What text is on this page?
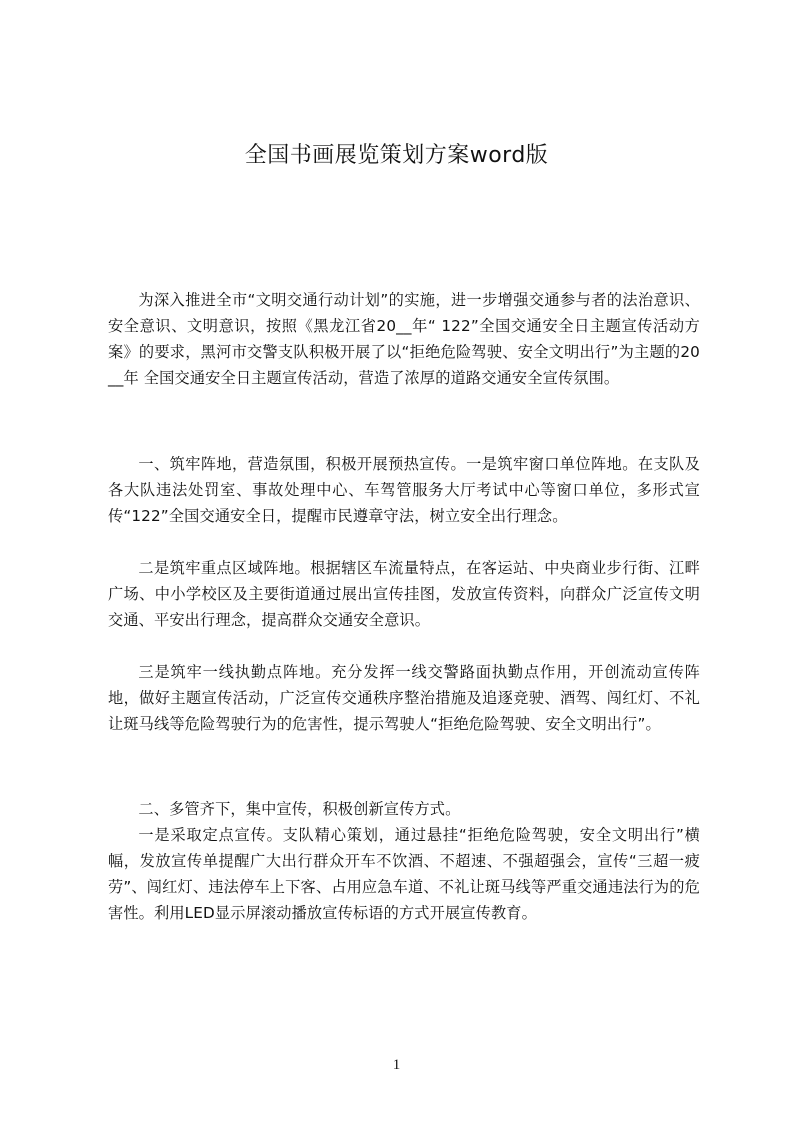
全国书画展览策划方案word版

为深入推进全市“文明交通行动计划”的实施，进一步增强交通参与者的法治意识、安全意识、文明意识，按照《黑龙江省20__年“ 122”全国交通安全日主题宣传活动方案》的要求，黑河市交警支队积极开展了以“拒绝危险驾驶、安全文明出行”为主题的20__年 全国交通安全日主题宣传活动，营造了浓厚的道路交通安全宣传氛围。

一、筑牢阵地，营造氛围，积极开展预热宣传。一是筑牢窗口单位阵地。在支队及各大队违法处罚室、事故处理中心、车驾管服务大厅考试中心等窗口单位，多形式宣传“122”全国交通安全日，提醒市民遵章守法，树立安全出行理念。

二是筑牢重点区域阵地。根据辖区车流量特点，在客运站、中央商业步行街、江畔广场、中小学校区及主要街道通过展出宣传挂图，发放宣传资料，向群众广泛宣传文明交通、平安出行理念，提高群众交通安全意识。

三是筑牢一线执勤点阵地。充分发挥一线交警路面执勤点作用，开创流动宣传阵地，做好主题宣传活动，广泛宣传交通秩序整治措施及追逐竞驶、酒驾、闯红灯、不礼让斑马线等危险驾驶行为的危害性，提示驾驶人“拒绝危险驾驶、安全文明出行”。

二、多管齐下，集中宣传，积极创新宣传方式。

一是采取定点宣传。支队精心策划，通过悬挂“拒绝危险驾驶，安全文明出行”横幅，发放宣传单提醒广大出行群众开车不饮酒、不超速、不强超强会，宣传“三超一疲劳”、闯红灯、违法停车上下客、占用应急车道、不礼让斑马线等严重交通违法行为的危害性。利用LED显示屏滚动播放宣传标语的方式开展宣传教育。

1
